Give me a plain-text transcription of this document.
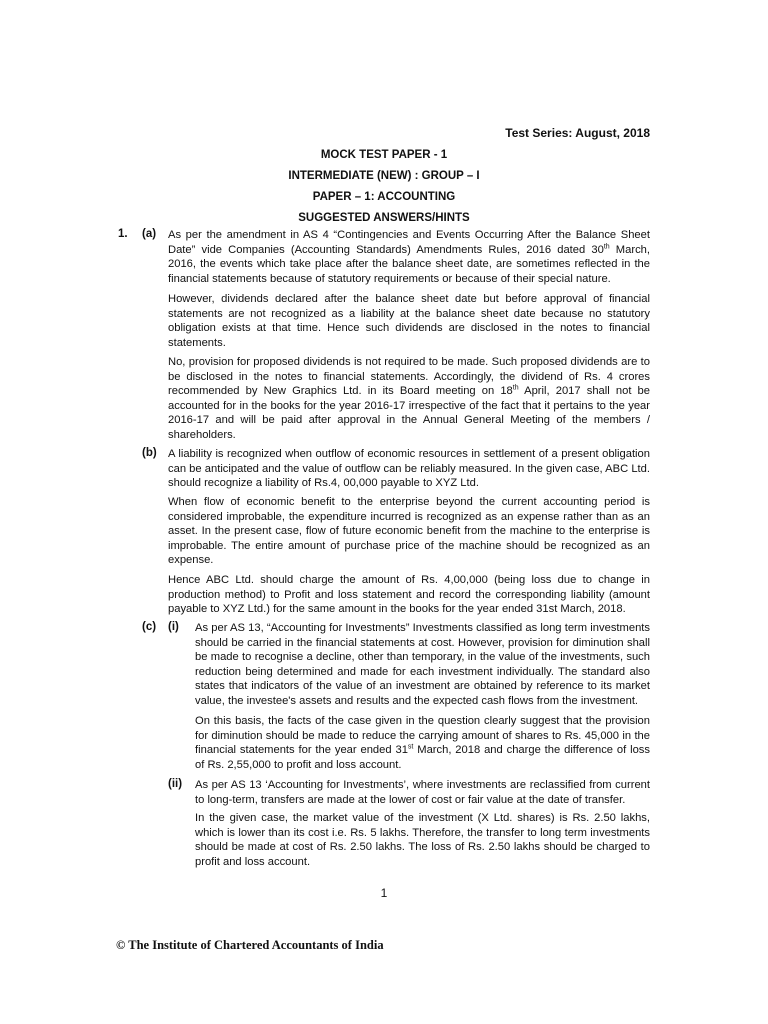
Test Series: August, 2018
MOCK TEST PAPER - 1
INTERMEDIATE (NEW) : GROUP – I
PAPER – 1: ACCOUNTING
SUGGESTED ANSWERS/HINTS
1. (a) As per the amendment in AS 4 “Contingencies and Events Occurring After the Balance Sheet Date” vide Companies (Accounting Standards) Amendments Rules, 2016 dated 30th March, 2016, the events which take place after the balance sheet date, are sometimes reflected in the financial statements because of statutory requirements or because of their special nature.

However, dividends declared after the balance sheet date but before approval of financial statements are not recognized as a liability at the balance sheet date because no statutory obligation exists at that time. Hence such dividends are disclosed in the notes to financial statements.

No, provision for proposed dividends is not required to be made. Such proposed dividends are to be disclosed in the notes to financial statements. Accordingly, the dividend of Rs. 4 crores recommended by New Graphics Ltd. in its Board meeting on 18th April, 2017 shall not be accounted for in the books for the year 2016-17 irrespective of the fact that it pertains to the year 2016-17 and will be paid after approval in the Annual General Meeting of the members / shareholders.

(b) A liability is recognized when outflow of economic resources in settlement of a present obligation can be anticipated and the value of outflow can be reliably measured. In the given case, ABC Ltd. should recognize a liability of Rs.4, 00,000 payable to XYZ Ltd.

When flow of economic benefit to the enterprise beyond the current accounting period is considered improbable, the expenditure incurred is recognized as an expense rather than as an asset. In the present case, flow of future economic benefit from the machine to the enterprise is improbable. The entire amount of purchase price of the machine should be recognized as an expense.

Hence ABC Ltd. should charge the amount of Rs. 4,00,000 (being loss due to change in production method) to Profit and loss statement and record the corresponding liability (amount payable to XYZ Ltd.) for the same amount in the books for the year ended 31st March, 2018.

(c) (i) As per AS 13, “Accounting for Investments” Investments classified as long term investments should be carried in the financial statements at cost. However, provision for diminution shall be made to recognise a decline, other than temporary, in the value of the investments, such reduction being determined and made for each investment individually. The standard also states that indicators of the value of an investment are obtained by reference to its market value, the investee's assets and results and the expected cash flows from the investment.

On this basis, the facts of the case given in the question clearly suggest that the provision for diminution should be made to reduce the carrying amount of shares to Rs. 45,000 in the financial statements for the year ended 31st March, 2018 and charge the difference of loss of Rs. 2,55,000 to profit and loss account.

(ii) As per AS 13 ‘Accounting for Investments’, where investments are reclassified from current to long-term, transfers are made at the lower of cost or fair value at the date of transfer.

In the given case, the market value of the investment (X Ltd. shares) is Rs. 2.50 lakhs, which is lower than its cost i.e. Rs. 5 lakhs. Therefore, the transfer to long term investments should be made at cost of Rs. 2.50 lakhs. The loss of Rs. 2.50 lakhs should be charged to profit and loss account.

1
© The Institute of Chartered Accountants of India
